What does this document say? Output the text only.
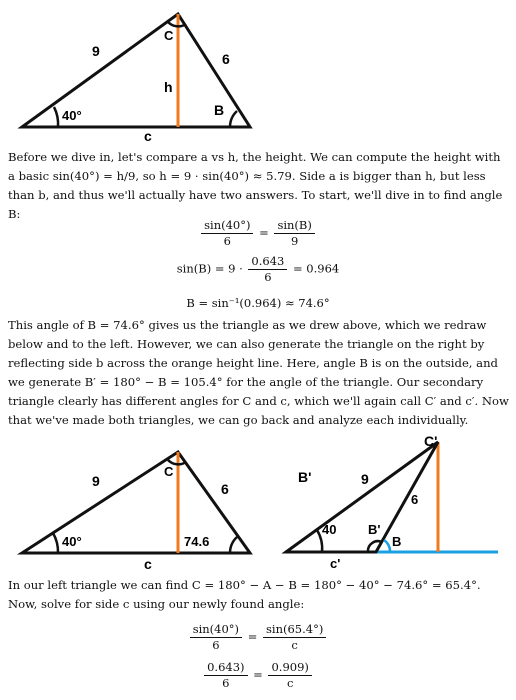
9	6
h
40°	B
C
c

Before we dive in, let's compare a vs h, the height. We can compute the height with a basic sin(40°) = h/9, so h = 9 · sin(40°) ≈ 5.79. Side a is bigger than h, but less than b, and thus we'll actually have two answers. To start, we'll dive in to find angle B:

$\frac{\sin(40^\circ)}{6} = \frac{\sin(B)}{9}$
$\sin(B) = 9 \cdot \frac{0.643}{6} = 0.964$
B = sin⁻¹(0.964) ≈ 74.6°

This angle of B = 74.6° gives us the triangle as we drew above, which we redraw below and to the left. However, we can also generate the triangle on the right by reflecting side b across the orange height line. Here, angle B is on the outside, and we generate B′ = 180° − B = 105.4° for the angle of the triangle. Our secondary triangle clearly has different angles for C and c, which we'll again call C′ and c′. Now that we've made both triangles, we can go back and analyze each individually.

9	6
40°	74.6
C
c
C'
B'	9
6
40 B'
B
c'

In our left triangle we can find C = 180° − A − B = 180° − 40° − 74.6° = 65.4°. Now, solve for side c using our newly found angle:

$\frac{\sin(40^\circ)}{6} = \frac{\sin(65.4^\circ)}{c}$
$\frac{0.643)}{6} = \frac{0.909)}{c}$
